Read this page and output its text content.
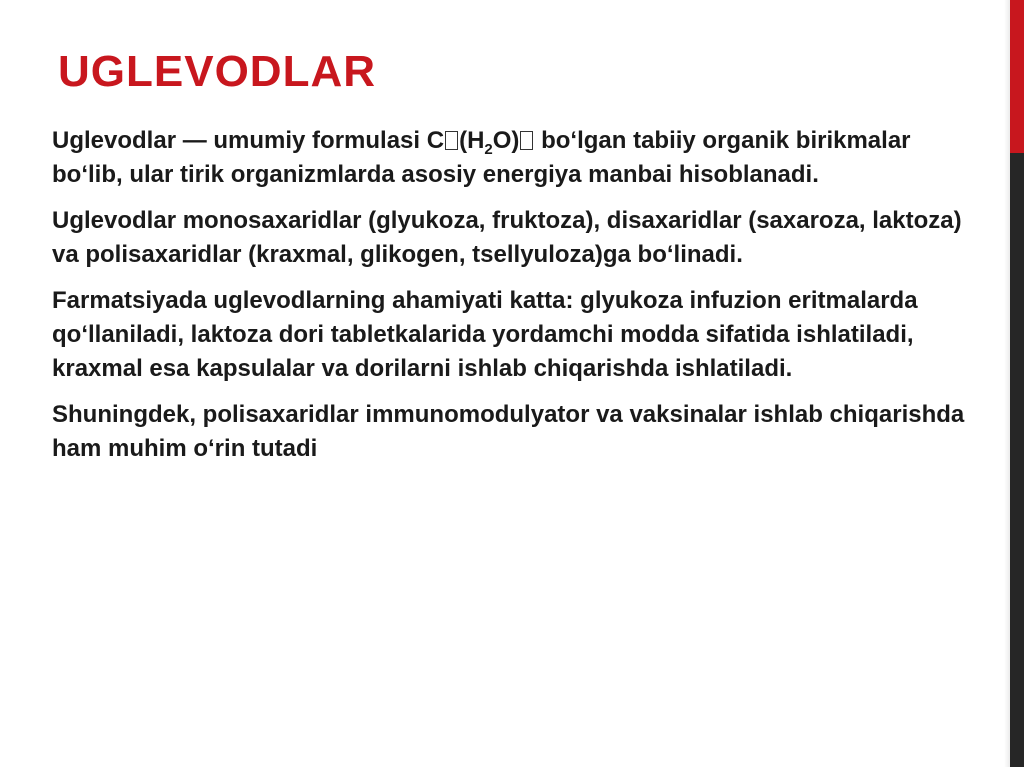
UGLEVODLAR

Uglevodlar — umumiy formulasi C $(H_2O)$ bo‘lgan tabiiy organik birikmalar bo‘lib, ular tirik organizmlarda asosiy energiya manbai hisoblanadi.

Uglevodlar monosaxaridlar (glyukoza, fruktoza), disaxaridlar (saxaroza, laktoza) va polisaxaridlar (kraxmal, glikogen, tsellyuloza)ga bo‘linadi.

Farmatsiyada uglevodlarning ahamiyati katta: glyukoza infuzion eritmalarda qo‘llaniladi, laktoza dori tabletkalarida yordamchi modda sifatida ishlatiladi, kraxmal esa kapsulalar va dorilarni ishlab chiqarishda ishlatiladi.

Shuningdek, polisaxaridlar immunomodulyator va vaksinalar ishlab chiqarishda ham muhim o‘rin tutadi
